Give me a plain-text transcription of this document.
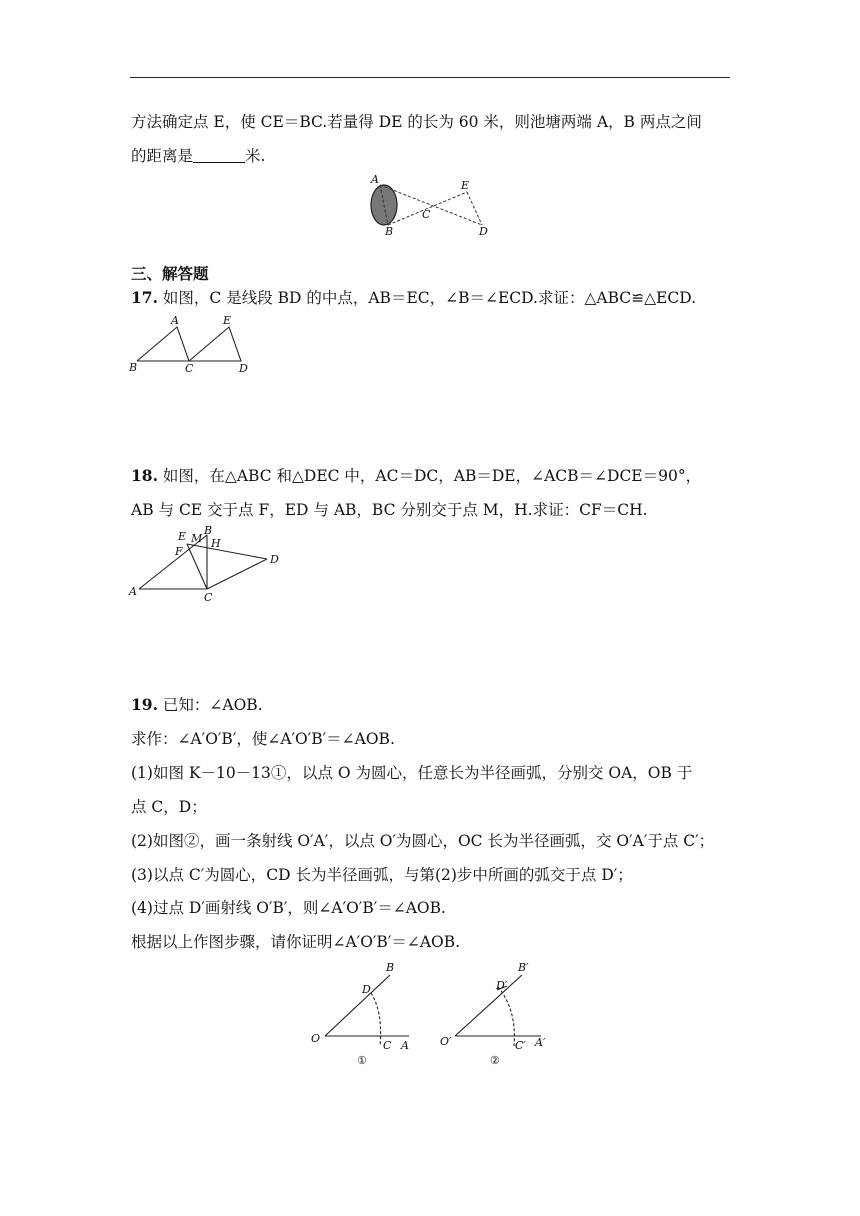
方法确定点 E，使 CE＝BC.若量得 DE 的长为 60 米，则池塘两端 A，B 两点之间
的距离是	米.
A
B
C
D
E
三、解答题
17. 如图，C 是线段 BD 的中点，AB＝EC，∠B＝∠ECD.求证：△ABC≌△ECD.
A
B	C	D
E
18. 如图，在△ABC 和△DEC 中，AC＝DC，AB＝DE，∠ACB＝∠DCE＝90°，
AB 与 CE 交于点 F，ED 与 AB，BC 分别交于点 M，H.求证：CF＝CH.
A
B
C
D
E
F
M H
19. 已知：∠AOB.
求作：∠A′O′B′，使∠A′O′B′＝∠AOB.
(1)如图 K－10－13①，以点 O 为圆心，任意长为半径画弧，分别交 OA，OB 于
点 C，D；
(2)如图②，画一条射线 O′A′，以点 O′为圆心，OC 长为半径画弧，交 O′A′于点 C′；
(3)以点 C′为圆心，CD 长为半径画弧，与第(2)步中所画的弧交于点 D′；
(4)过点 D′画射线 O′B′，则∠A′O′B′＝∠AOB.
根据以上作图步骤，请你证明∠A′O′B′＝∠AOB.
O
A
B
C
D
①
O′	A′
B′
C′
D′
②
